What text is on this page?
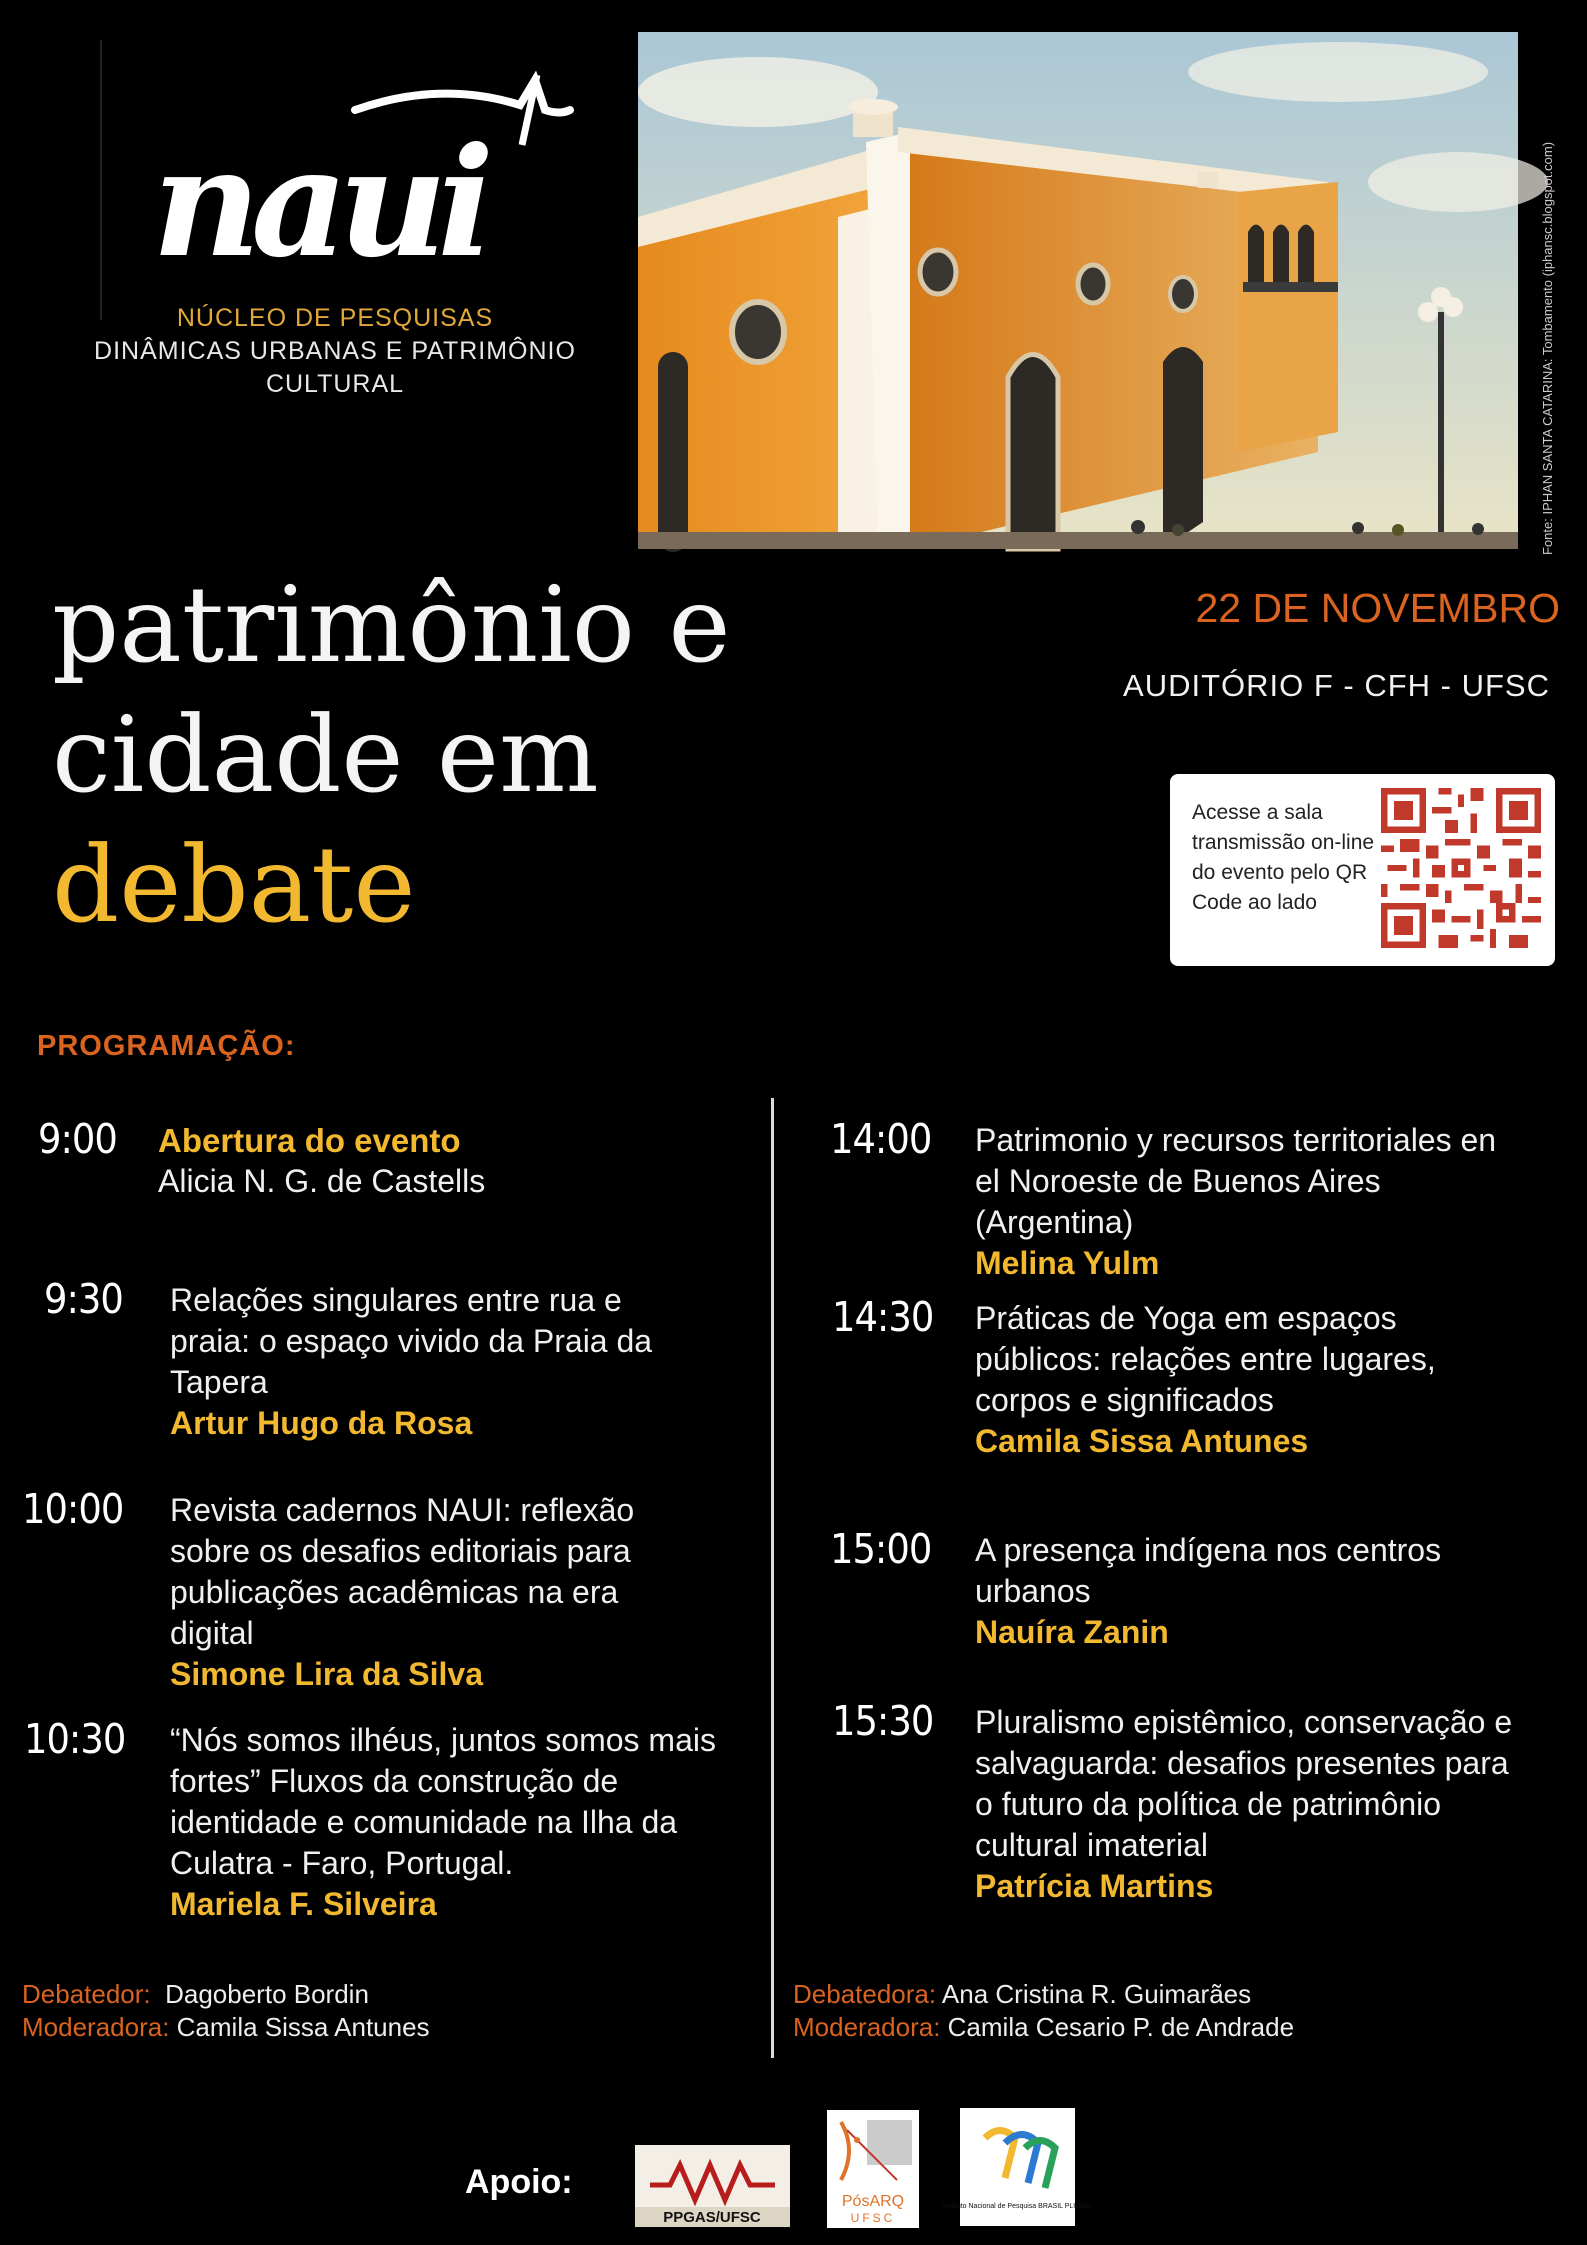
naui
NÚCLEO DE PESQUISAS
DINÂMICAS URBANAS E PATRIMÔNIO
CULTURAL	Fonte: IPHAN SANTA CATARINA: Tombamento (iphansc.blogspot.com)
patrimônio e
cidade em
debate
22 DE NOVEMBRO
AUDITÓRIO F - CFH - UFSC
Acesse a sala transmissão on-line do evento pelo QR Code ao lado
PROGRAMAÇÃO:
9:00 Abertura do evento
Alicia N. G. de Castells
9:30 Relações singulares entre rua e
praia: o espaço vivido da Praia da
Tapera
Artur Hugo da Rosa
10:00 Revista cadernos NAUI: reflexão
sobre os desafios editoriais para
publicações acadêmicas na era
digital
Simone Lira da Silva
10:30 “Nós somos ilhéus, juntos somos mais
fortes” Fluxos da construção de
identidade e comunidade na Ilha da
Culatra - Faro, Portugal.
Mariela F. Silveira
14:00 Patrimonio y recursos territoriales en
el Noroeste de Buenos Aires
(Argentina)
Melina Yulm
14:30 Práticas de Yoga em espaços
públicos: relações entre lugares,
corpos e significados
Camila Sissa Antunes
15:00 A presença indígena nos centros
urbanos
Nauíra Zanin
15:30 Pluralismo epistêmico, conservação e
salvaguarda: desafios presentes para
o futuro da política de patrimônio
cultural imaterial
Patrícia Martins
Debatedor: Dagoberto Bordin
Moderadora: Camila Sissa Antunes
Debatedora: Ana Cristina R. Guimarães
Moderadora: Camila Cesario P. de Andrade
Apoio:
PPGAS/UFSC
PósARQ
UFSC
Instituto Nacional de Pesquisa BRASIL PLURAL
